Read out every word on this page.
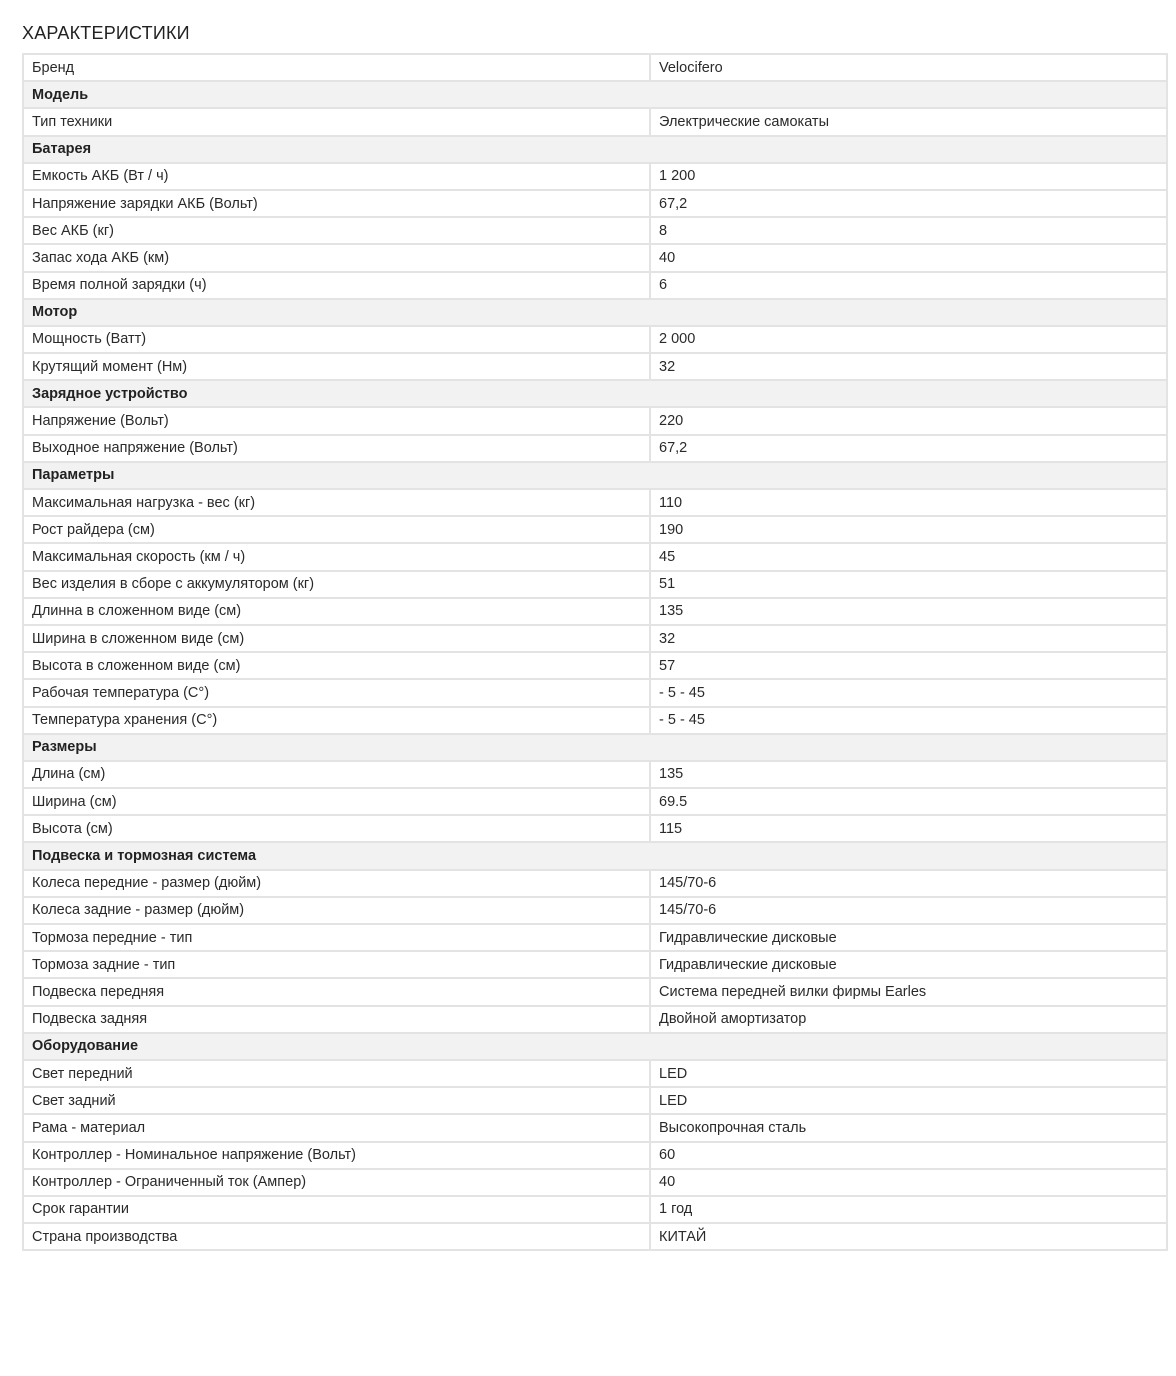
ХАРАКТЕРИСТИКИ
Бренд	Velocifero
Модель	
Тип техники	Электрические самокаты
Батарея	
Емкость АКБ (Вт / ч)	1 200
Напряжение зарядки АКБ (Вольт)	67,2
Вес АКБ (кг)	8
Запас хода АКБ (км)	40
Время полной зарядки (ч)	6
Мотор	
Мощность (Ватт)	2 000
Крутящий момент (Нм)	32
Зарядное устройство	
Напряжение (Вольт)	220
Выходное напряжение (Вольт)	67,2
Параметры	
Максимальная нагрузка - вес (кг)	110
Рост райдера (см)	190
Максимальная скорость (км / ч)	45
Вес изделия в сборе с аккумулятором (кг)	51
Длинна в сложенном виде (см)	135
Ширина в сложенном виде (см)	32
Высота в сложенном виде (см)	57
Рабочая температура (С°)	- 5 - 45
Температура хранения (С°)	- 5 - 45
Размеры	
Длина (см)	135
Ширина (см)	69.5
Высота (см)	115
Подвеска и тормозная система	
Колеса передние - размер (дюйм)	145/70-6
Колеса задние - размер (дюйм)	145/70-6
Тормоза передние - тип	Гидравлические дисковые
Тормоза задние - тип	Гидравлические дисковые
Подвеска передняя	Система передней вилки фирмы Earles
Подвеска задняя	Двойной амортизатор
Оборудование	
Свет передний	LED
Свет задний	LED
Рама - материал	Высокопрочная сталь
Контроллер - Номинальное напряжение (Вольт)	60
Контроллер - Ограниченный ток (Ампер)	40
Срок гарантии	1 год
Страна производства	КИТАЙ
